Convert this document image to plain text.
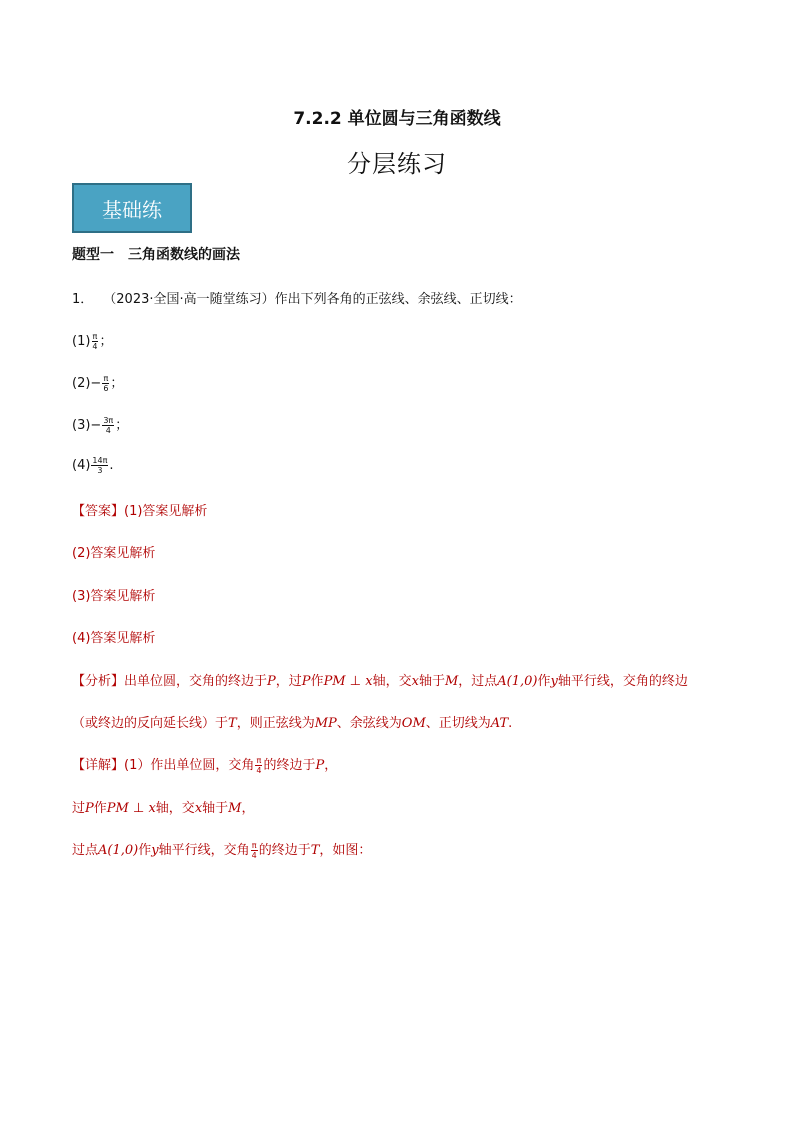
7.2.2 单位圆与三角函数线
分层练习
基础练
题型一　三角函数线的画法
1． （2023·全国·高一随堂练习）作出下列各角的正弦线、余弦线、正切线：
$(1) \frac{\pi}{4}$ ；
$(2)- \frac{\pi}{6}$ ；
$(3)- \frac{3\pi}{4}$ ；
$(4) \frac{14\pi}{3}$ .
【答案】(1)答案见解析
(2)答案见解析
(3)答案见解析
(4)答案见解析
【分析】出单位圆，交角的终边于P，过P作PM ⊥ x轴，交x轴于M，过点A(1,0)作y轴平行线，交角的终边
（或终边的反向延长线）于T，则正弦线为MP、余弦线为OM、正切线为AT.
【详解】(1）作出单位圆，交角 $\frac{\pi}{4}$ 的终边于P，
过P作PM ⊥ x轴，交x轴于M，
过点A(1,0)作y轴平行线，交角 $\frac{\pi}{4}$ 的终边于T，如图：
